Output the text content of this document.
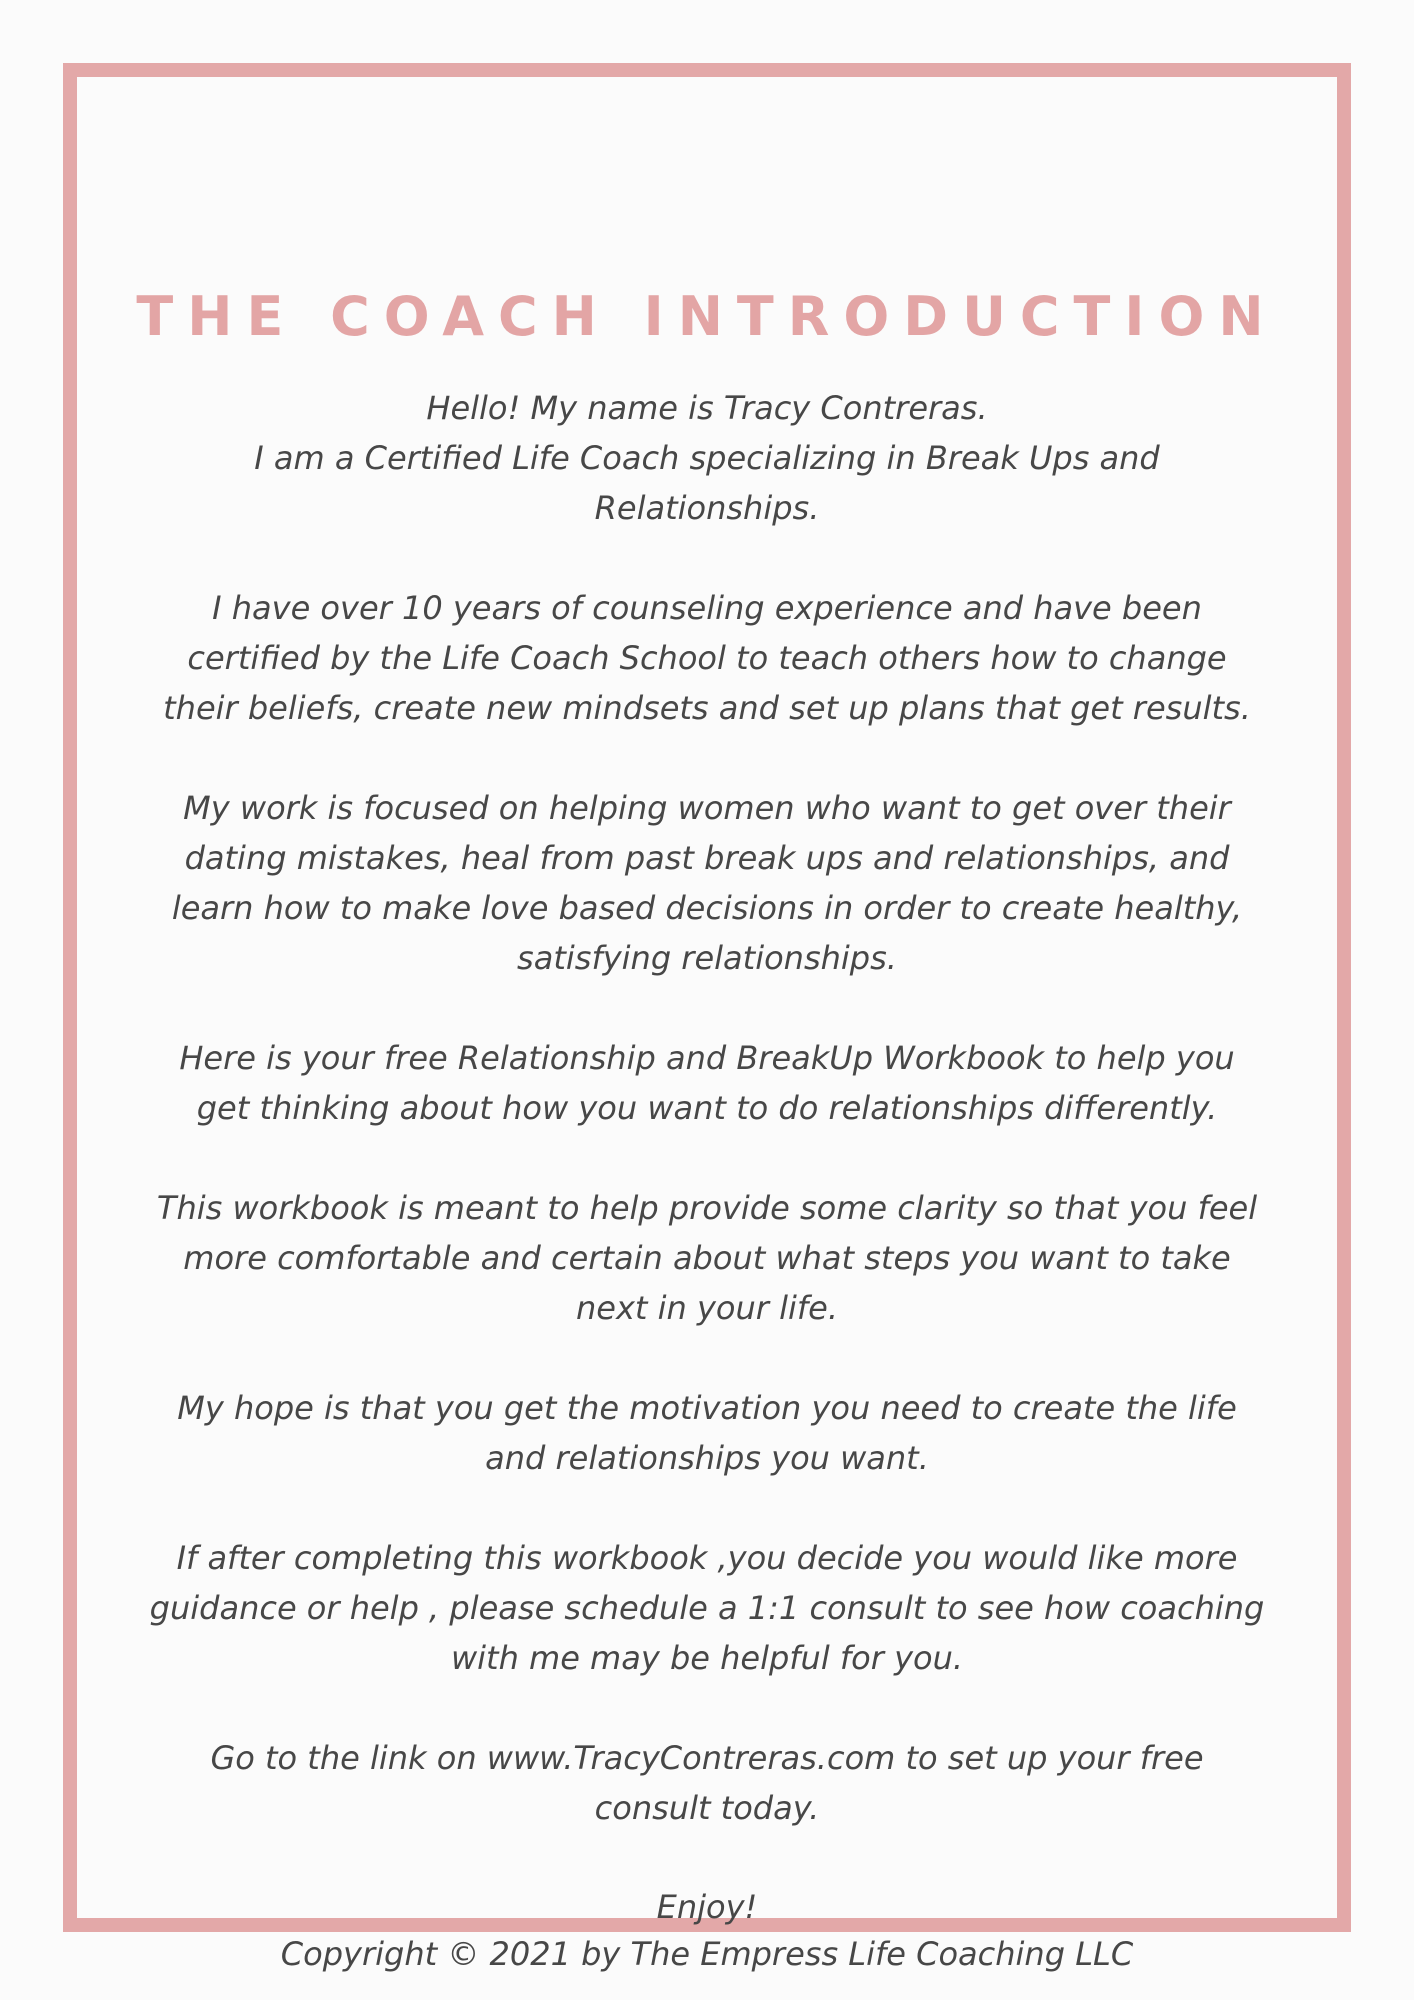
THE COACH INTRODUCTION

Hello! My name is Tracy Contreras.
I am a Certified Life Coach specializing in Break Ups and
Relationships.

I have over 10 years of counseling experience and have been
certified by the Life Coach School to teach others how to change
their beliefs, create new mindsets and set up plans that get results.

My work is focused on helping women who want to get over their
dating mistakes, heal from past break ups and relationships, and
learn how to make love based decisions in order to create healthy,
satisfying relationships.

Here is your free Relationship and BreakUp Workbook to help you
get thinking about how you want to do relationships differently.

This workbook is meant to help provide some clarity so that you feel
more comfortable and certain about what steps you want to take
next in your life.

My hope is that you get the motivation you need to create the life
and relationships you want.

If after completing this workbook ,you decide you would like more
guidance or help , please schedule a 1:1 consult to see how coaching
with me may be helpful for you.

Go to the link on www.TracyContreras.com to set up your free
consult today.

Enjoy!

Copyright © 2021 by The Empress Life Coaching LLC
